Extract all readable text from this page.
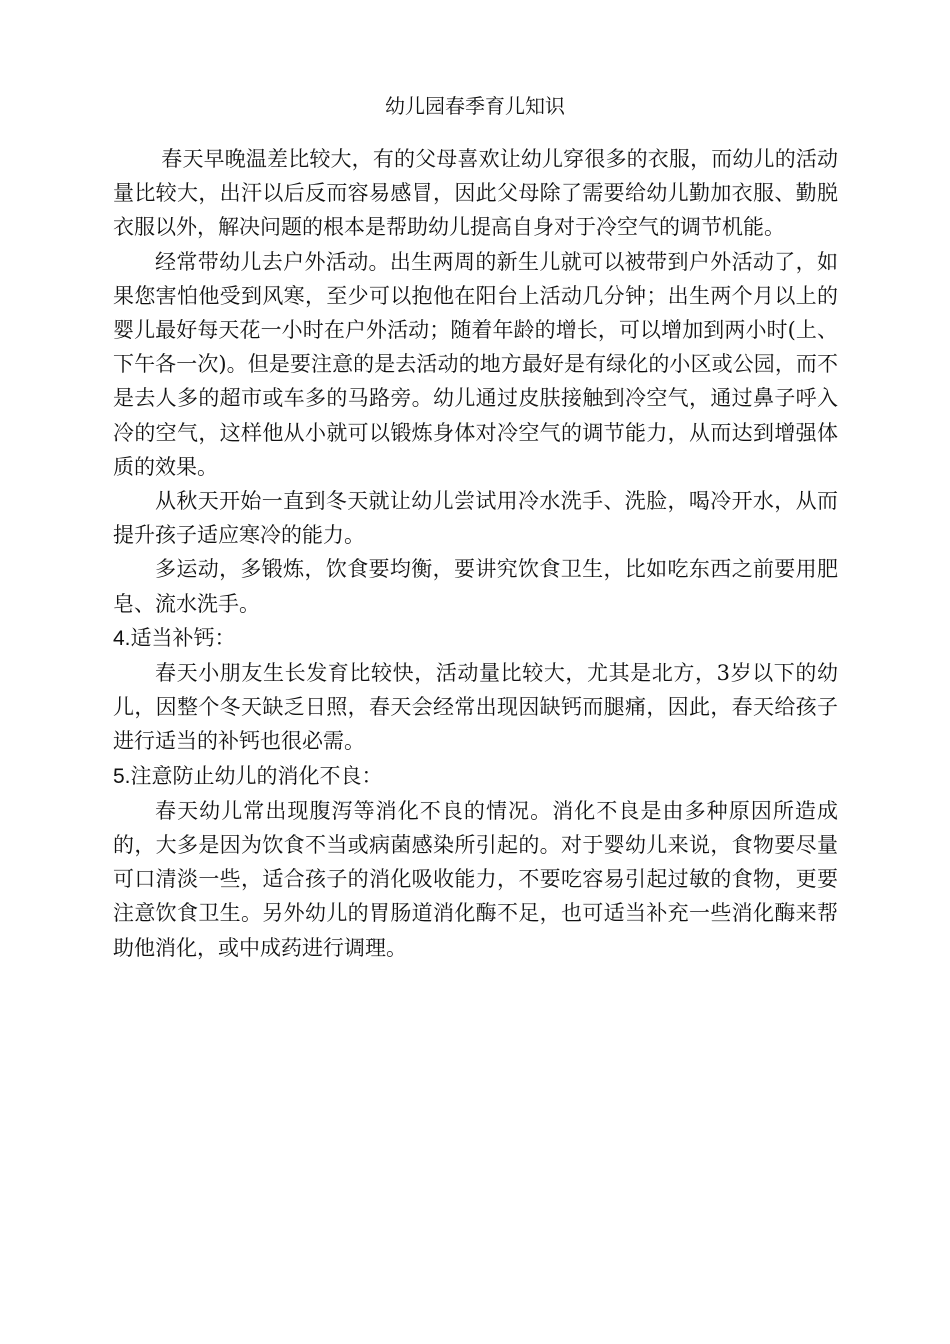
幼儿园春季育儿知识

春天早晚温差比较大，有的父母喜欢让幼儿穿很多的衣服，而幼儿的活动量比较大，出汗以后反而容易感冒，因此父母除了需要给幼儿勤加衣服、勤脱衣服以外，解决问题的根本是帮助幼儿提高自身对于冷空气的调节机能。

经常带幼儿去户外活动。出生两周的新生儿就可以被带到户外活动了，如果您害怕他受到风寒，至少可以抱他在阳台上活动几分钟；出生两个月以上的婴儿最好每天花一小时在户外活动；随着年龄的增长，可以增加到两小时(上、下午各一次)。但是要注意的是去活动的地方最好是有绿化的小区或公园，而不是去人多的超市或车多的马路旁。幼儿通过皮肤接触到冷空气，通过鼻子呼入冷的空气，这样他从小就可以锻炼身体对冷空气的调节能力，从而达到增强体质的效果。

从秋天开始一直到冬天就让幼儿尝试用冷水洗手、洗脸，喝冷开水，从而提升孩子适应寒冷的能力。

多运动，多锻炼，饮食要均衡，要讲究饮食卫生，比如吃东西之前要用肥皂、流水洗手。

4.适当补钙：

春天小朋友生长发育比较快，活动量比较大，尤其是北方，3岁以下的幼儿，因整个冬天缺乏日照，春天会经常出现因缺钙而腿痛，因此，春天给孩子进行适当的补钙也很必需。

5.注意防止幼儿的消化不良：

春天幼儿常出现腹泻等消化不良的情况。消化不良是由多种原因所造成的，大多是因为饮食不当或病菌感染所引起的。对于婴幼儿来说，食物要尽量可口清淡一些，适合孩子的消化吸收能力，不要吃容易引起过敏的食物，更要注意饮食卫生。另外幼儿的胃肠道消化酶不足，也可适当补充一些消化酶来帮助他消化，或中成药进行调理。
